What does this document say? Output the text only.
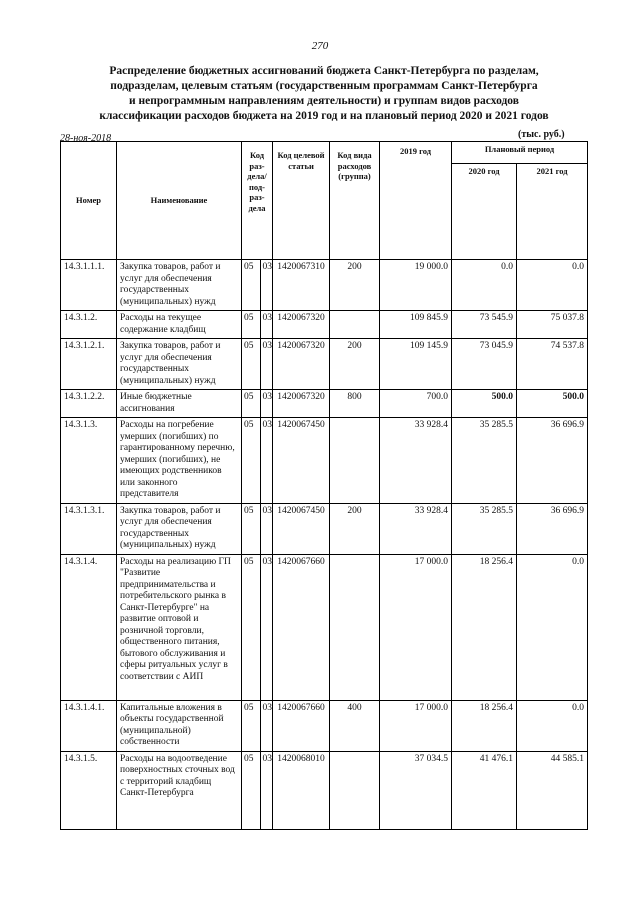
270
Распределение бюджетных ассигнований бюджета Санкт-Петербурга по разделам,
подразделам, целевым статьям (государственным программам Санкт-Петербурга
и непрограммным направлениям деятельности) и группам видов расходов
классификации расходов бюджета на 2019 год и на плановый период 2020 и 2021 годов
28-ноя-2018	(тыс. руб.)
Номер	Наименование	Код раз-дела/ под-раз-дела		Код целевой статьи	Код вида расходов (группа)	2019 год	Плановый период	
							2020 год	2021 год
14.3.1.1.1.	Закупка товаров, работ и услуг для обеспечения государственных (муниципальных) нужд	05	03	1420067310	200	19 000.0	0.0	0.0
14.3.1.2.	Расходы на текущее содержание кладбищ	05	03	1420067320		109 845.9	73 545.9	75 037.8
14.3.1.2.1.	Закупка товаров, работ и услуг для обеспечения государственных (муниципальных) нужд	05	03	1420067320	200	109 145.9	73 045.9	74 537.8
14.3.1.2.2.	Иные бюджетные ассигнования	05	03	1420067320	800	700.0	500.0	500.0
14.3.1.3.	Расходы на погребение умерших (погибших) по гарантированному перечню, умерших (погибших), не имеющих родственников или законного представителя	05	03	1420067450		33 928.4	35 285.5	36 696.9
14.3.1.3.1.	Закупка товаров, работ и услуг для обеспечения государственных (муниципальных) нужд	05	03	1420067450	200	33 928.4	35 285.5	36 696.9
14.3.1.4.	Расходы на реализацию ГП "Развитие предпринимательства и потребительского рынка в Санкт-Петербурге" на развитие оптовой и розничной торговли, общественного питания, бытового обслуживания и сферы ритуальных услуг в соответствии с АИП	05	03	1420067660		17 000.0	18 256.4	0.0
14.3.1.4.1.	Капитальные вложения в объекты государственной (муниципальной) собственности	05	03	1420067660	400	17 000.0	18 256.4	0.0
14.3.1.5.	Расходы на водоотведение поверхностных сточных вод с территорий кладбищ Санкт-Петербурга	05	03	1420068010		37 034.5	41 476.1	44 585.1
